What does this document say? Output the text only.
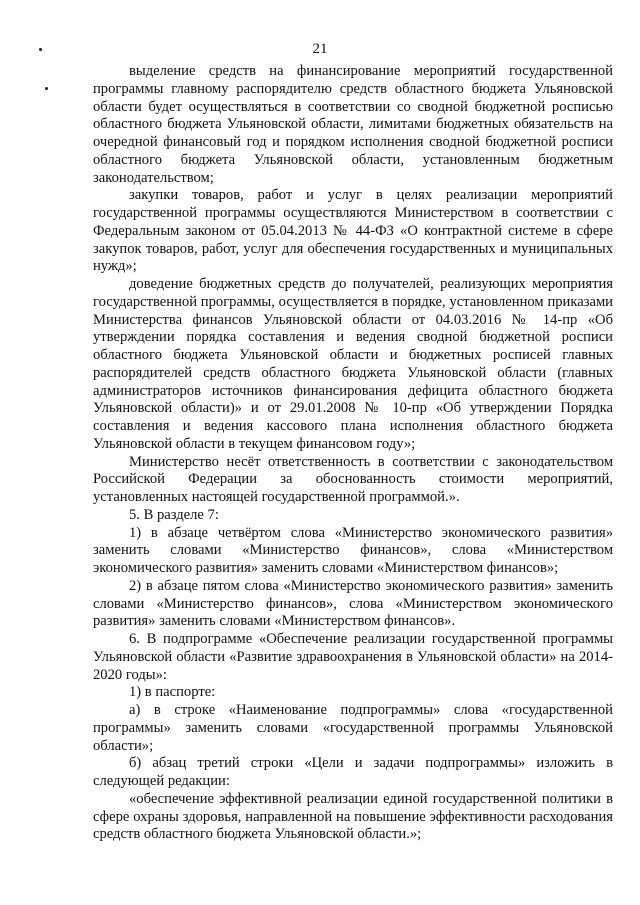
21

выделение средств на финансирование мероприятий государственной программы главному распорядителю средств областного бюджета Ульяновской области будет осуществляться в соответствии со сводной бюджетной росписью областного бюджета Ульяновской области, лимитами бюджетных обязательств на очередной финансовый год и порядком исполнения сводной бюджетной росписи областного бюджета Ульяновской области, установленным бюджетным законодательством;

закупки товаров, работ и услуг в целях реализации мероприятий государственной программы осуществляются Министерством в соответствии с Федеральным законом от 05.04.2013 № 44-ФЗ «О контрактной системе в сфере закупок товаров, работ, услуг для обеспечения государственных и муниципальных нужд»;

доведение бюджетных средств до получателей, реализующих мероприятия государственной программы, осуществляется в порядке, установленном приказами Министерства финансов Ульяновской области от 04.03.2016 № 14-пр «Об утверждении порядка составления и ведения сводной бюджетной росписи областного бюджета Ульяновской области и бюджетных росписей главных распорядителей средств областного бюджета Ульяновской области (главных администраторов источников финансирования дефицита областного бюджета Ульяновской области)» и от 29.01.2008 № 10-пр «Об утверждении Порядка составления и ведения кассового плана исполнения областного бюджета Ульяновской области в текущем финансовом году»;

Министерство несёт ответственность в соответствии с законодательством Российской Федерации за обоснованность стоимости мероприятий, установленных настоящей государственной программой.».

5. В разделе 7:

1) в абзаце четвёртом слова «Министерство экономического развития» заменить словами «Министерство финансов», слова «Министерством экономического развития» заменить словами «Министерством финансов»;

2) в абзаце пятом слова «Министерство экономического развития» заменить словами «Министерство финансов», слова «Министерством экономического развития» заменить словами «Министерством финансов».

6. В подпрограмме «Обеспечение реализации государственной программы Ульяновской области «Развитие здравоохранения в Ульяновской области» на 2014-2020 годы»:

1) в паспорте:

а) в строке «Наименование подпрограммы» слова «государственной программы» заменить словами «государственной программы Ульяновской области»;

б) абзац третий строки «Цели и задачи подпрограммы» изложить в следующей редакции:

«обеспечение эффективной реализации единой государственной политики в сфере охраны здоровья, направленной на повышение эффективности расходования средств областного бюджета Ульяновской области.»;
